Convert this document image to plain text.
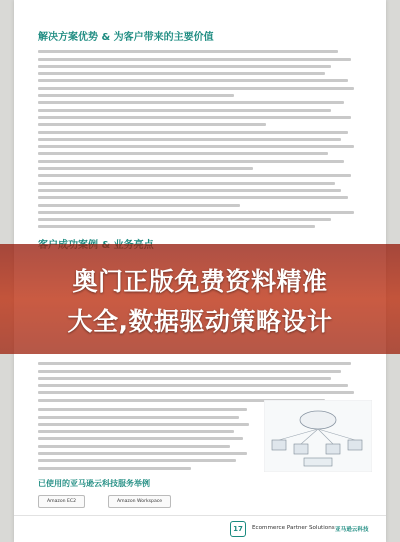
解决方案优势 & 为客户带来的主要价值
已使用的亚马逊云科技服务举例
Amazon EC2	Amazon Workspace
17	Ecommerce Partner Solutions 亚马逊云科技
奥门正版免费资料精准
大全,数据驱动策略设计
